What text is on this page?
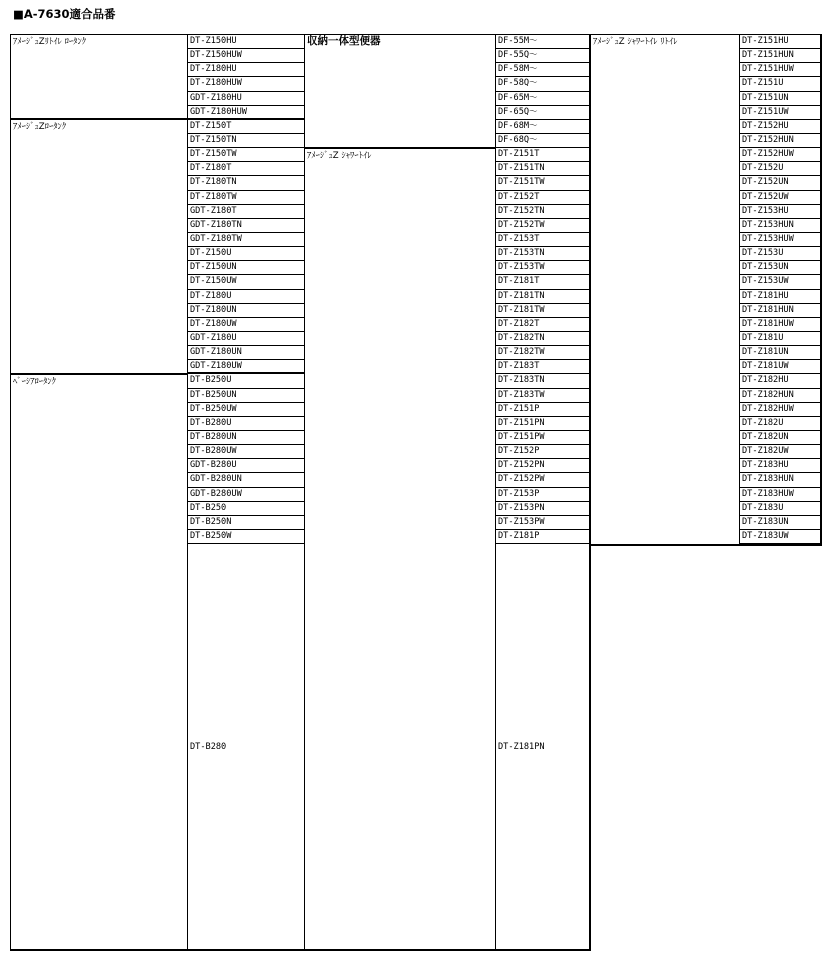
■A-7630適合品番
ｱﾒｰｼﾞｭZﾘﾄｲﾚ ﾛｰﾀﾝｸ
ｱﾒｰｼﾞｭZﾛｰﾀﾝｸ
ﾍﾞｰｼｱﾛｰﾀﾝｸ
DT-Z150HU
DT-Z150HUW
DT-Z180HU
DT-Z180HUW
GDT-Z180HU
GDT-Z180HUW
DT-Z150T
DT-Z150TN
DT-Z150TW
DT-Z180T
DT-Z180TN
DT-Z180TW
GDT-Z180T
GDT-Z180TN
GDT-Z180TW
DT-Z150U
DT-Z150UN
DT-Z150UW
DT-Z180U
DT-Z180UN
DT-Z180UW
GDT-Z180U
GDT-Z180UN
GDT-Z180UW
DT-B250U
DT-B250UN
DT-B250UW
DT-B280U
DT-B280UN
DT-B280UW
GDT-B280U
GDT-B280UN
GDT-B280UW
DT-B250
DT-B250N
DT-B250W
DT-B280
収納一体型便器
ｱﾒｰｼﾞｭZ ｼｬﾜｰﾄｲﾚ
DF-55M～
DF-55Q～
DF-58M～
DF-58Q～
DF-65M～
DF-65Q～
DF-68M～
DF-68Q～
DT-Z151T
DT-Z151TN
DT-Z151TW
DT-Z152T
DT-Z152TN
DT-Z152TW
DT-Z153T
DT-Z153TN
DT-Z153TW
DT-Z181T
DT-Z181TN
DT-Z181TW
DT-Z182T
DT-Z182TN
DT-Z182TW
DT-Z183T
DT-Z183TN
DT-Z183TW
DT-Z151P
DT-Z151PN
DT-Z151PW
DT-Z152P
DT-Z152PN
DT-Z152PW
DT-Z153P
DT-Z153PN
DT-Z153PW
DT-Z181P
DT-Z181PN
ｱﾒｰｼﾞｭZ ｼｬﾜｰﾄｲﾚ ﾘﾄｲﾚ	DT-Z151HU
DT-Z151HUN
DT-Z151HUW
DT-Z151U
DT-Z151UN
DT-Z151UW
DT-Z152HU
DT-Z152HUN
DT-Z152HUW
DT-Z152U
DT-Z152UN
DT-Z152UW
DT-Z153HU
DT-Z153HUN
DT-Z153HUW
DT-Z153U
DT-Z153UN
DT-Z153UW
DT-Z181HU
DT-Z181HUN
DT-Z181HUW
DT-Z181U
DT-Z181UN
DT-Z181UW
DT-Z182HU
DT-Z182HUN
DT-Z182HUW
DT-Z182U
DT-Z182UN
DT-Z182UW
DT-Z183HU
DT-Z183HUN
DT-Z183HUW
DT-Z183U
DT-Z183UN
DT-Z183UW
